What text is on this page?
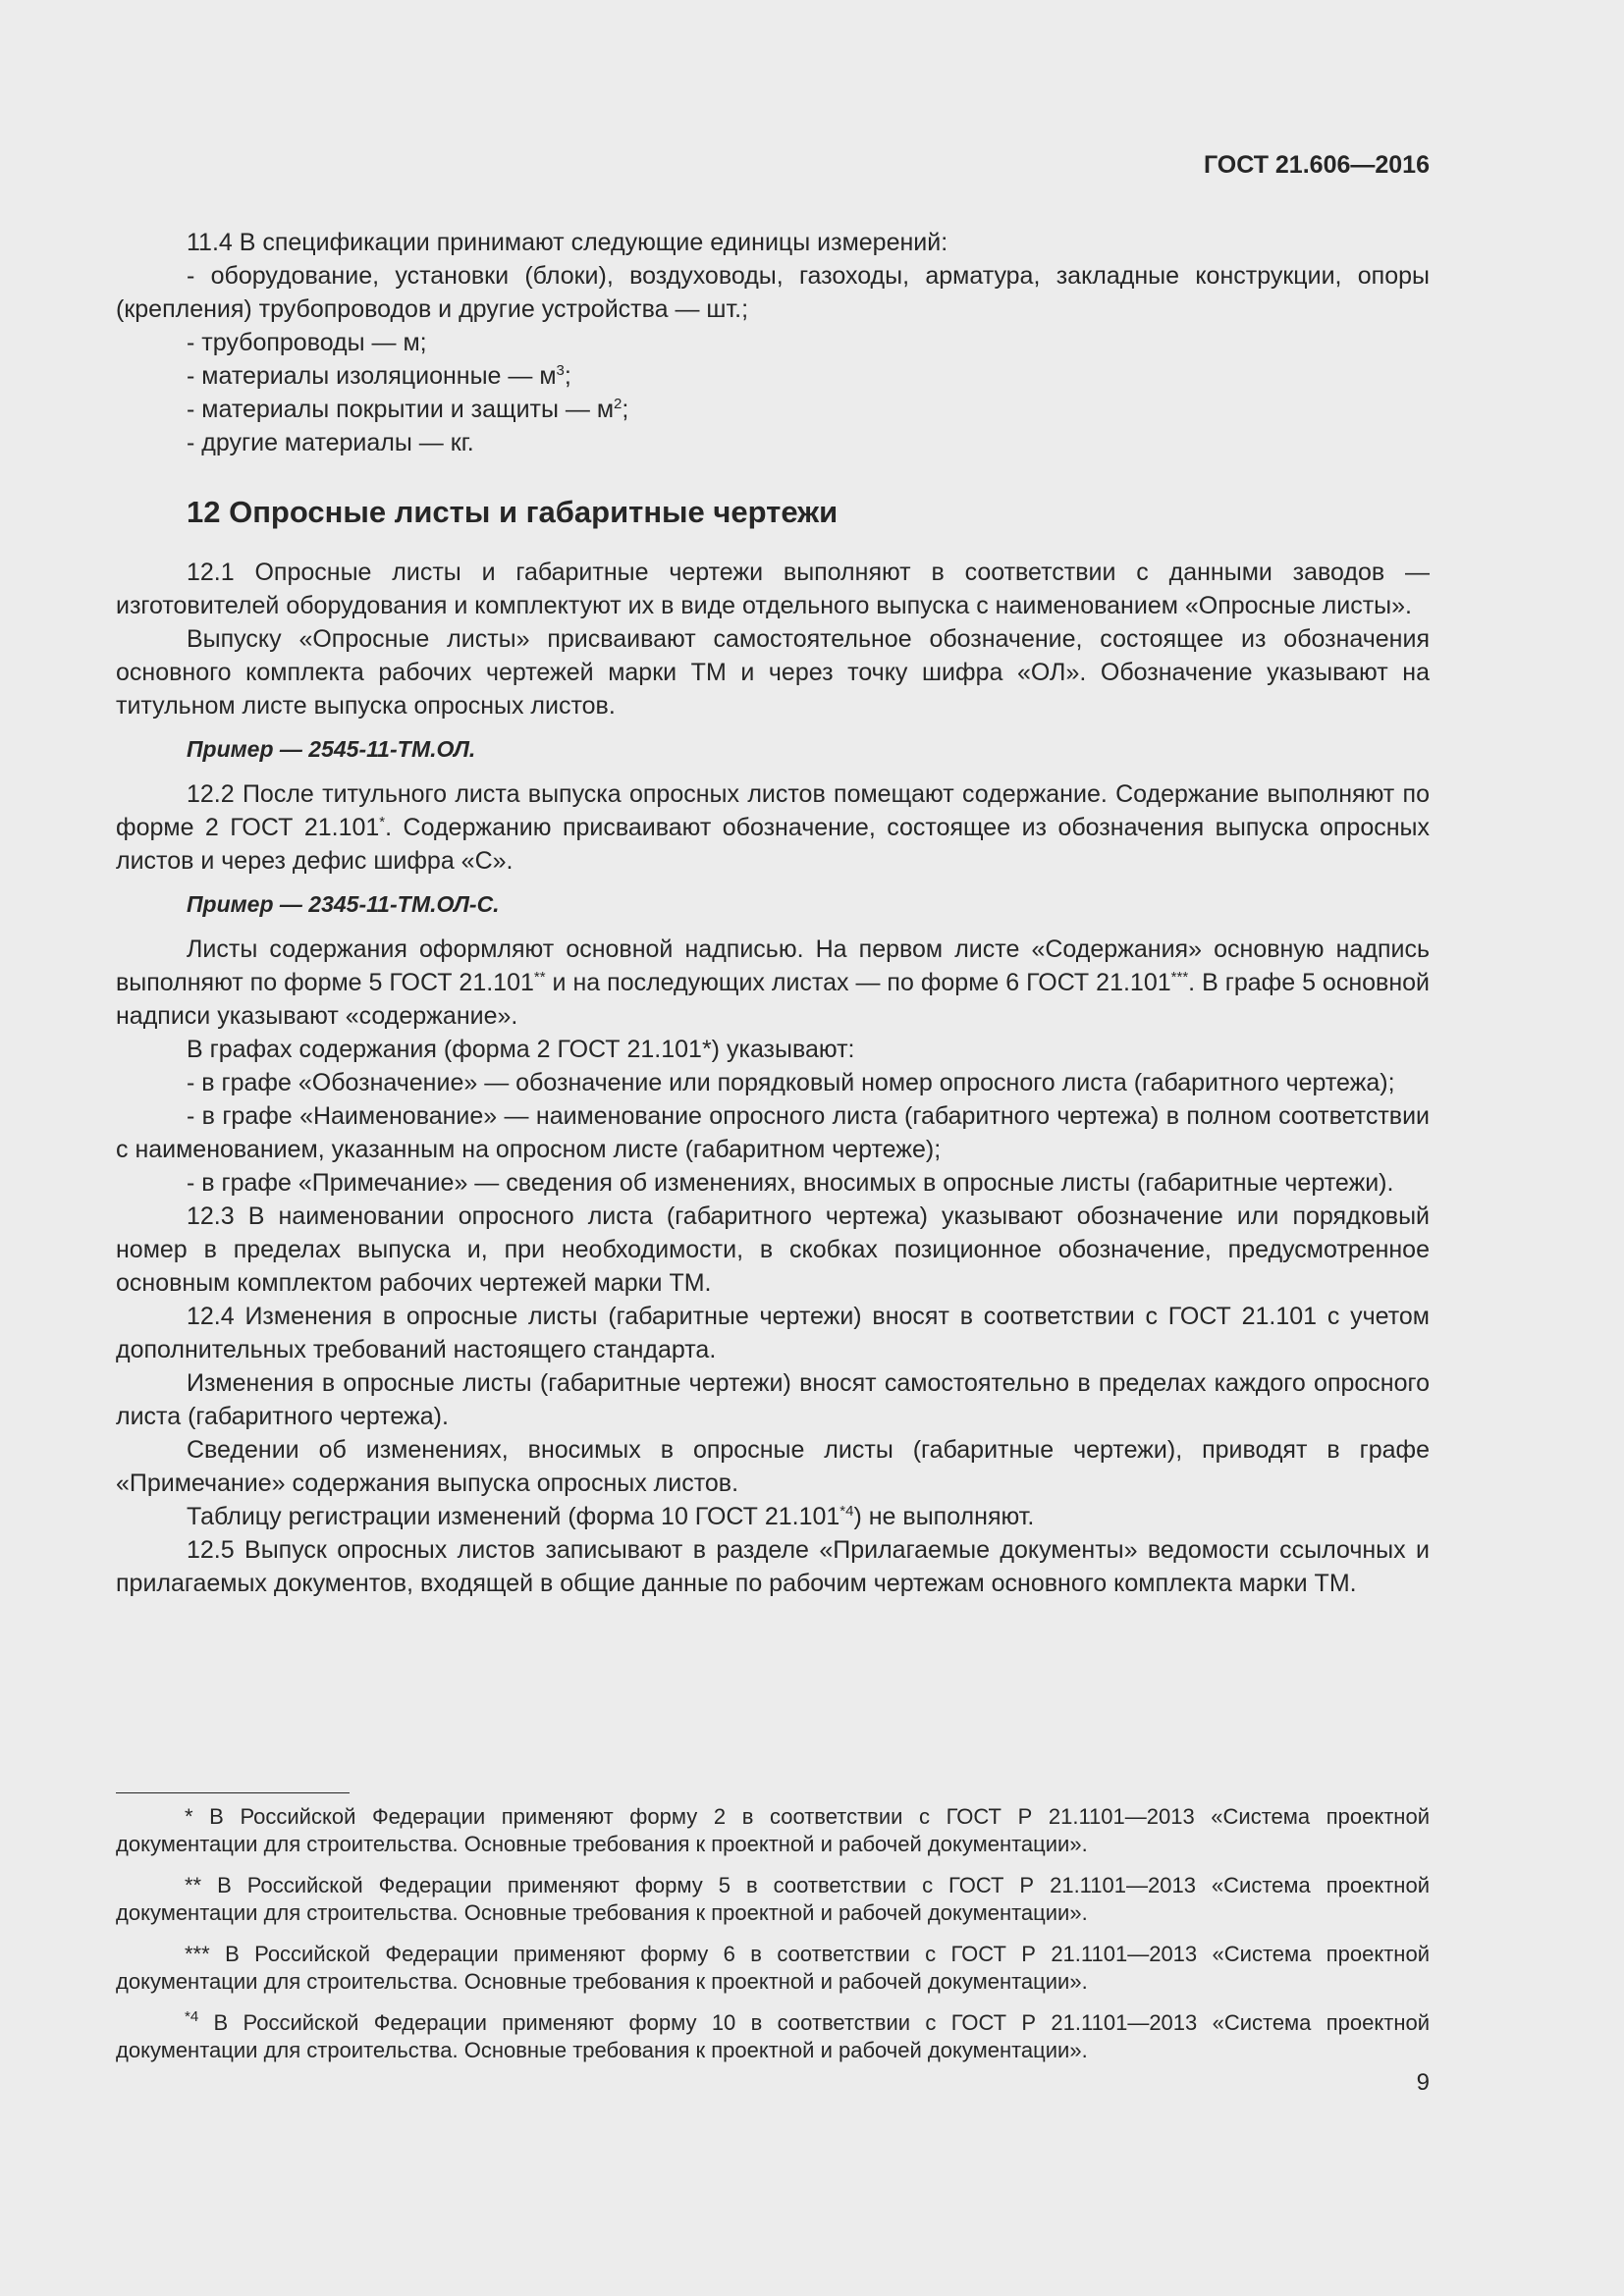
ГОСТ 21.606—2016

11.4 В спецификации принимают следующие единицы измерений:

- оборудование, установки (блоки), воздуховоды, газоходы, арматура, закладные конструкции, опоры (крепления) трубопроводов и другие устройства — шт.;

- трубопроводы — м;

- материалы изоляционные — $м^3$;

- материалы покрытии и защиты — $м^2$;

- другие материалы — кг.

12 Опросные листы и габаритные чертежи

12.1 Опросные листы и габаритные чертежи выполняют в соответствии с данными заводов — изготовителей оборудования и комплектуют их в виде отдельного выпуска с наименованием «Опросные листы».

Выпуску «Опросные листы» присваивают самостоятельное обозначение, состоящее из обозначения основного комплекта рабочих чертежей марки ТМ и через точку шифра «ОЛ». Обозначение указывают на титульном листе выпуска опросных листов.

Пример — 2545-11-ТМ.ОЛ.

12.2 После титульного листа выпуска опросных листов помещают содержание. Содержание выполняют по форме 2 ГОСТ 21.101*. Содержанию присваивают обозначение, состоящее из обозначения выпуска опросных листов и через дефис шифра «С».

Пример — 2345-11-ТМ.ОЛ-С.

Листы содержания оформляют основной надписью. На первом листе «Содержания» основную надпись выполняют по форме 5 ГОСТ 21.101** и на последующих листах — по форме 6 ГОСТ 21.101***. В графе 5 основной надписи указывают «содержание».

В графах содержания (форма 2 ГОСТ 21.101*) указывают:

- в графе «Обозначение» — обозначение или порядковый номер опросного листа (габаритного чертежа);

- в графе «Наименование» — наименование опросного листа (габаритного чертежа) в полном соответствии с наименованием, указанным на опросном листе (габаритном чертеже);

- в графе «Примечание» — сведения об изменениях, вносимых в опросные листы (габаритные чертежи).

12.3 В наименовании опросного листа (габаритного чертежа) указывают обозначение или порядковый номер в пределах выпуска и, при необходимости, в скобках позиционное обозначение, предусмотренное основным комплектом рабочих чертежей марки ТМ.

12.4 Изменения в опросные листы (габаритные чертежи) вносят в соответствии с ГОСТ 21.101 с учетом дополнительных требований настоящего стандарта.

Изменения в опросные листы (габаритные чертежи) вносят самостоятельно в пределах каждого опросного листа (габаритного чертежа).

Сведении об изменениях, вносимых в опросные листы (габаритные чертежи), приводят в графе «Примечание» содержания выпуска опросных листов.

Таблицу регистрации изменений (форма 10 ГОСТ 21.101$^{*4}$) не выполняют.

12.5 Выпуск опросных листов записывают в разделе «Прилагаемые документы» ведомости ссылочных и прилагаемых документов, входящей в общие данные по рабочим чертежам основного комплекта марки ТМ.

* В Российской Федерации применяют форму 2 в соответствии с ГОСТ Р 21.1101—2013 «Система проектной документации для строительства. Основные требования к проектной и рабочей документации».

** В Российской Федерации применяют форму 5 в соответствии с ГОСТ Р 21.1101—2013 «Система проектной документации для строительства. Основные требования к проектной и рабочей документации».

*** В Российской Федерации применяют форму 6 в соответствии с ГОСТ Р 21.1101—2013 «Система проектной документации для строительства. Основные требования к проектной и рабочей документации».

$^{*4}$ В Российской Федерации применяют форму 10 в соответствии с ГОСТ Р 21.1101—2013 «Система проектной документации для строительства. Основные требования к проектной и рабочей документации».

9
